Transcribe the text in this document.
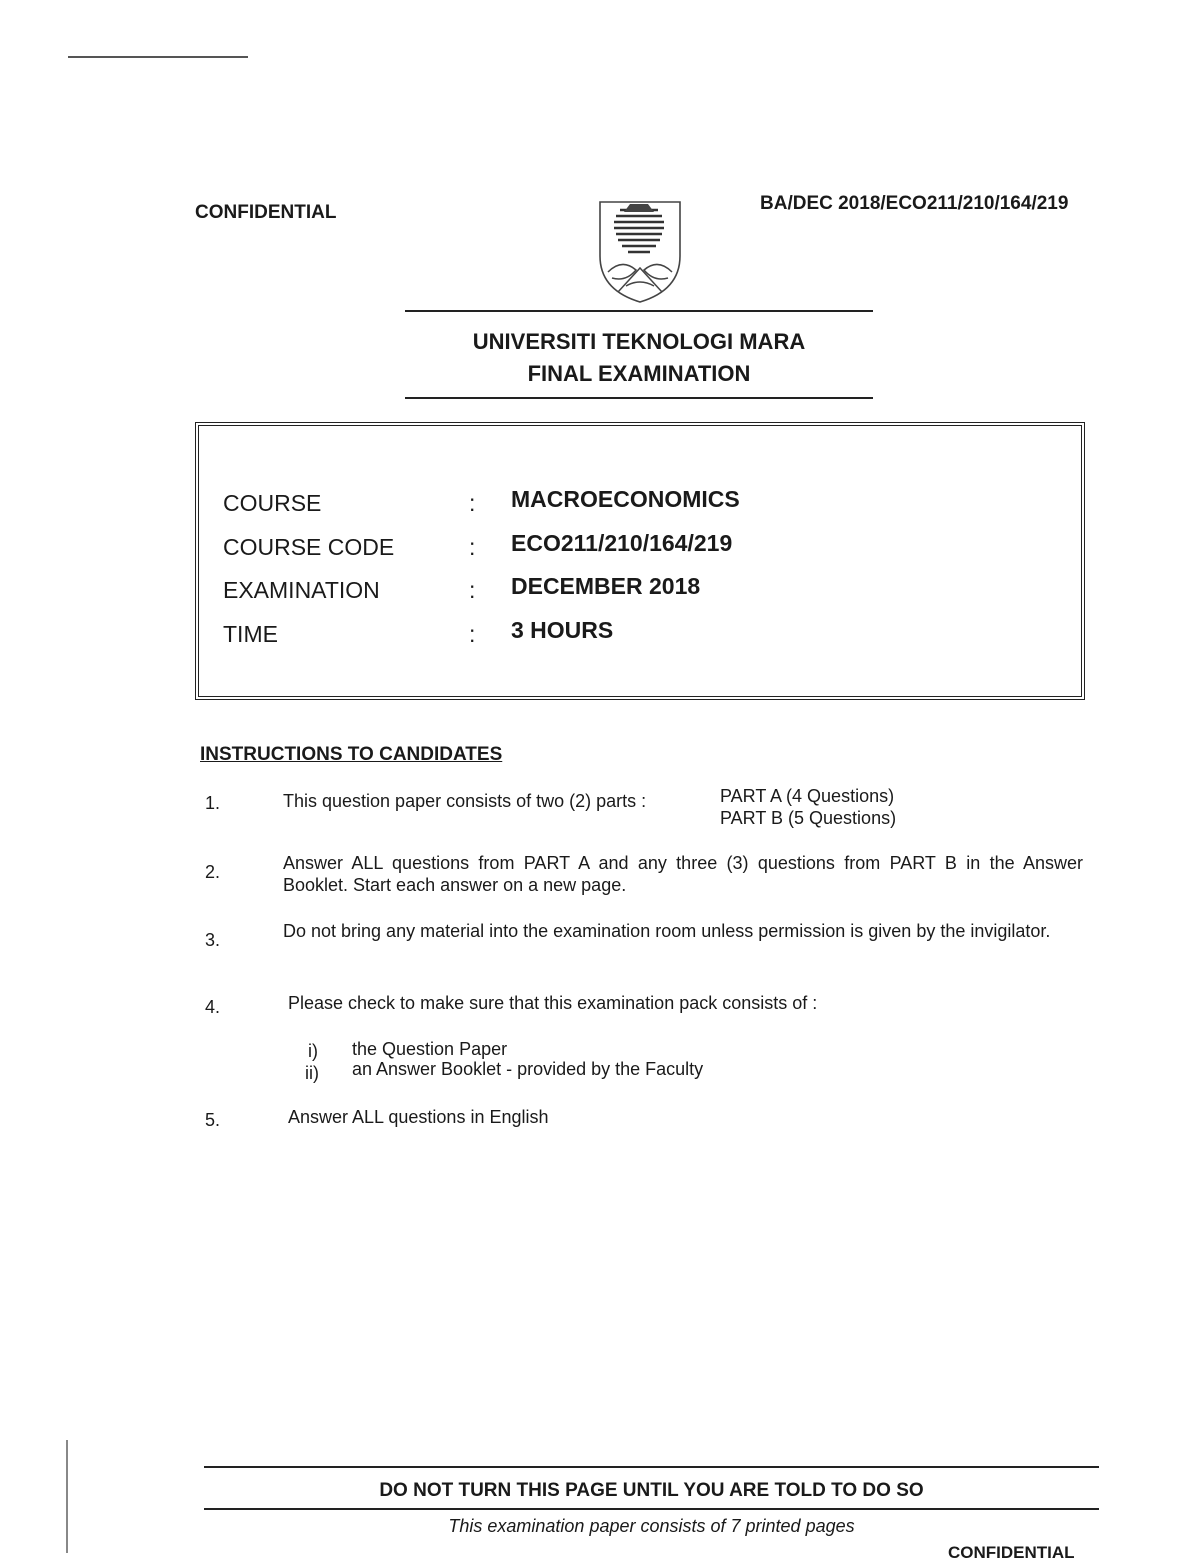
CONFIDENTIAL	BA/DEC 2018/ECO211/210/164/219
UNIVERSITI TEKNOLOGI MARA
FINAL EXAMINATION
COURSE	: MACROECONOMICS
COURSE CODE	: ECO211/210/164/219
EXAMINATION	: DECEMBER 2018
TIME	: 3 HOURS
INSTRUCTIONS TO CANDIDATES
1.	This question paper consists of two (2) parts :	PART A (4 Questions)
PART B (5 Questions)
2.	Answer ALL questions from PART A and any three (3) questions from PART B in the Answer Booklet. Start each answer on a new page.
3.	Do not bring any material into the examination room unless permission is given by the invigilator.
4.	Please check to make sure that this examination pack consists of :
i) the Question Paper
ii) an Answer Booklet - provided by the Faculty
5.	Answer ALL questions in English
DO NOT TURN THIS PAGE UNTIL YOU ARE TOLD TO DO SO
This examination paper consists of 7 printed pages
CONFIDENTIAL
